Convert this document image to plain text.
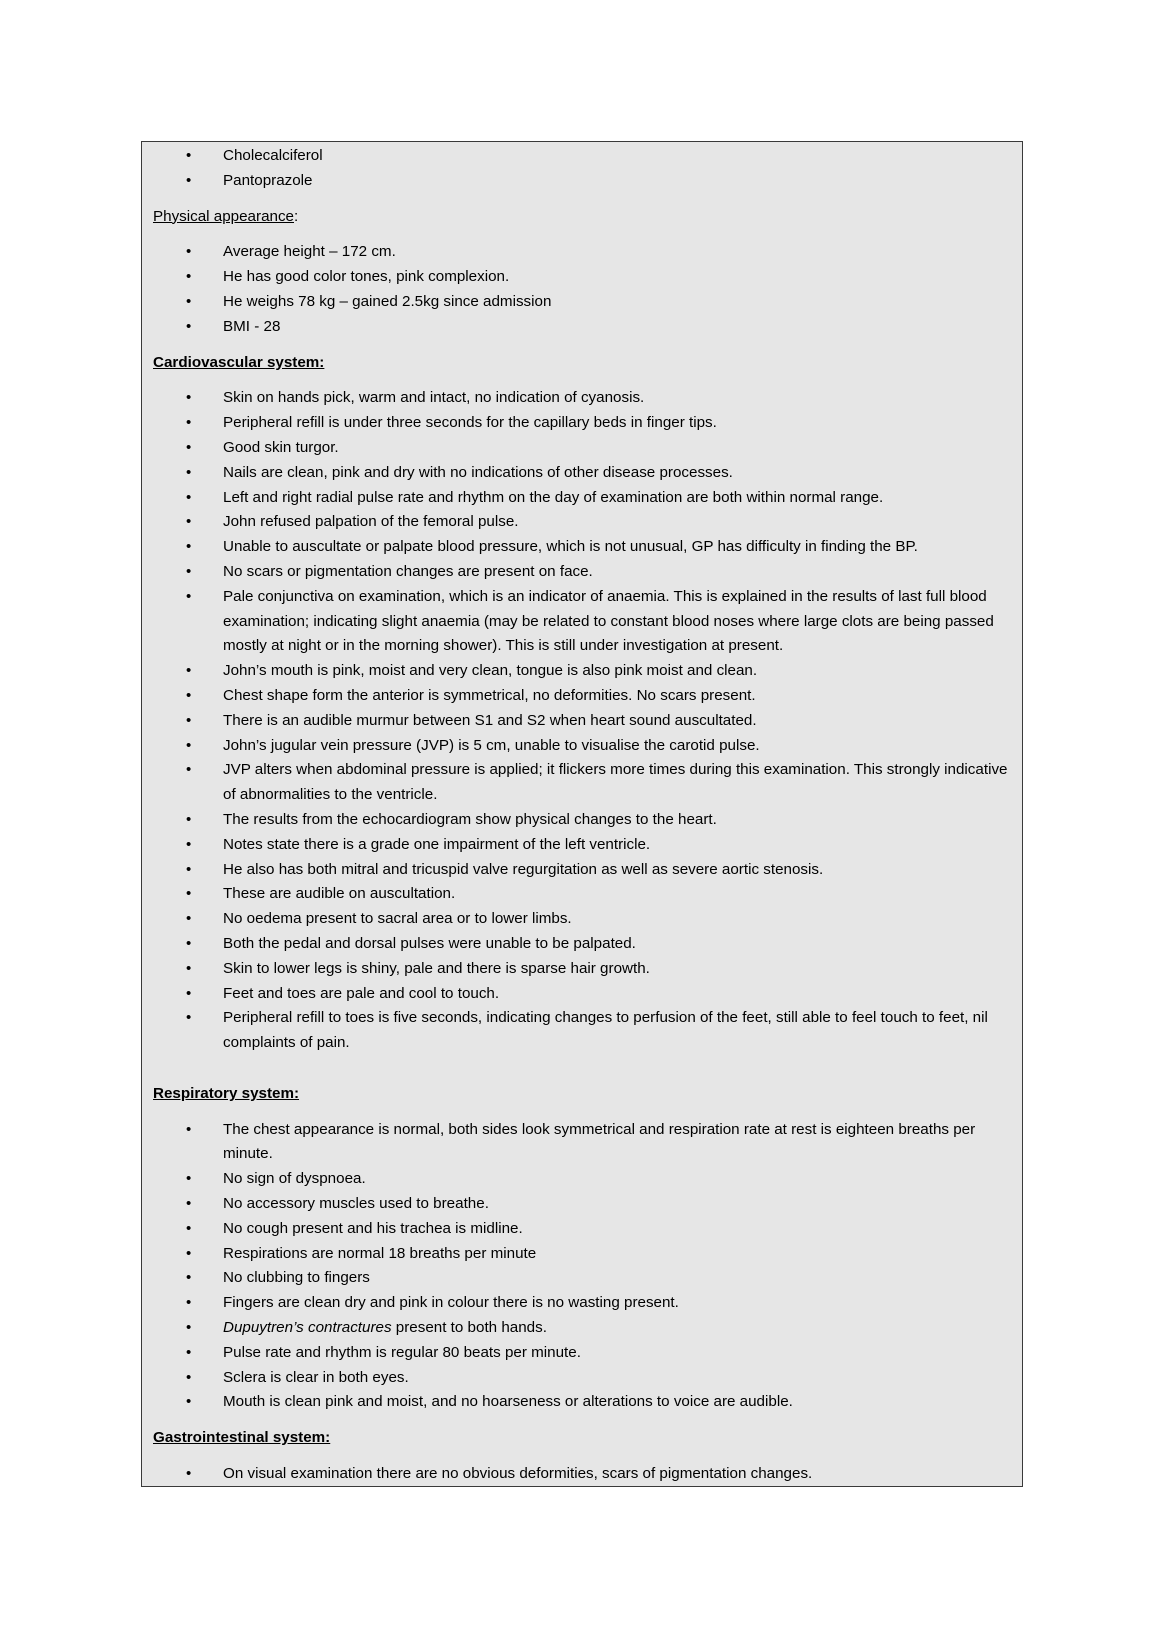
• Cholecalciferol
• Pantoprazole

Physical appearance:

• Average height – 172 cm.
• He has good color tones, pink complexion.
• He weighs 78 kg – gained 2.5kg since admission
• BMI - 28

Cardiovascular system:

• Skin on hands pick, warm and intact, no indication of cyanosis.
• Peripheral refill is under three seconds for the capillary beds in finger tips.
• Good skin turgor.
• Nails are clean, pink and dry with no indications of other disease processes.
• Left and right radial pulse rate and rhythm on the day of examination are both within normal range.
• John refused palpation of the femoral pulse.
• Unable to auscultate or palpate blood pressure, which is not unusual, GP has difficulty in finding the BP.
• No scars or pigmentation changes are present on face.
• Pale conjunctiva on examination, which is an indicator of anaemia. This is explained in the results of last full blood examination; indicating slight anaemia (may be related to constant blood noses where large clots are being passed mostly at night or in the morning shower). This is still under investigation at present.
• John’s mouth is pink, moist and very clean, tongue is also pink moist and clean.
• Chest shape form the anterior is symmetrical, no deformities. No scars present.
• There is an audible murmur between S1 and S2 when heart sound auscultated.
• John’s jugular vein pressure (JVP) is 5 cm, unable to visualise the carotid pulse.
• JVP alters when abdominal pressure is applied; it flickers more times during this examination. This strongly indicative of abnormalities to the ventricle.
• The results from the echocardiogram show physical changes to the heart.
• Notes state there is a grade one impairment of the left ventricle.
• He also has both mitral and tricuspid valve regurgitation as well as severe aortic stenosis.
• These are audible on auscultation.
• No oedema present to sacral area or to lower limbs.
• Both the pedal and dorsal pulses were unable to be palpated.
• Skin to lower legs is shiny, pale and there is sparse hair growth.
• Feet and toes are pale and cool to touch.
• Peripheral refill to toes is five seconds, indicating changes to perfusion of the feet, still able to feel touch to feet, nil complaints of pain.

Respiratory system:

• The chest appearance is normal, both sides look symmetrical and respiration rate at rest is eighteen breaths per minute.
• No sign of dyspnoea.
• No accessory muscles used to breathe.
• No cough present and his trachea is midline.
• Respirations are normal 18 breaths per minute
• No clubbing to fingers
• Fingers are clean dry and pink in colour there is no wasting present.
• Dupuytren’s contractures present to both hands.
• Pulse rate and rhythm is regular 80 beats per minute.
• Sclera is clear in both eyes.
• Mouth is clean pink and moist, and no hoarseness or alterations to voice are audible.

Gastrointestinal system:

• On visual examination there are no obvious deformities, scars of pigmentation changes.
